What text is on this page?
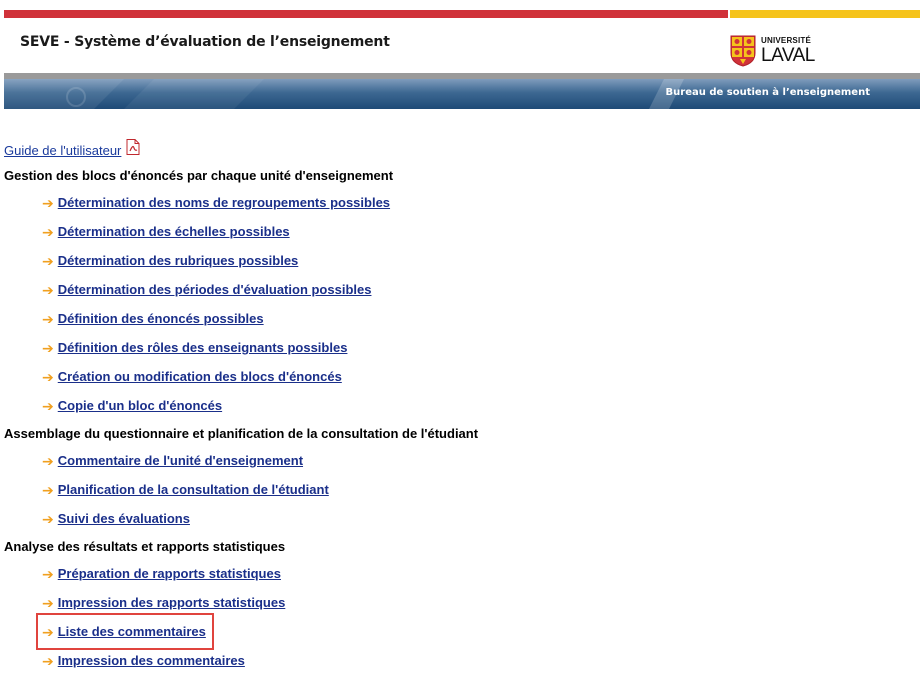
SEVE - Système d’évaluation de l’enseignement	UNIVERSITÉ
LAVAL
Bureau de soutien à l’enseignement
Guide de l'utilisateur
Gestion des blocs d'énoncés par chaque unité d'enseignement
➔ Détermination des noms de regroupements possibles
➔ Détermination des échelles possibles
➔ Détermination des rubriques possibles
➔ Détermination des périodes d'évaluation possibles
➔ Définition des énoncés possibles
➔ Définition des rôles des enseignants possibles
➔ Création ou modification des blocs d'énoncés
➔ Copie d'un bloc d'énoncés
Assemblage du questionnaire et planification de la consultation de l'étudiant
➔ Commentaire de l'unité d'enseignement
➔ Planification de la consultation de l'étudiant
➔ Suivi des évaluations
Analyse des résultats et rapports statistiques
➔ Préparation de rapports statistiques
➔ Impression des rapports statistiques
➔ Liste des commentaires
➔ Impression des commentaires
